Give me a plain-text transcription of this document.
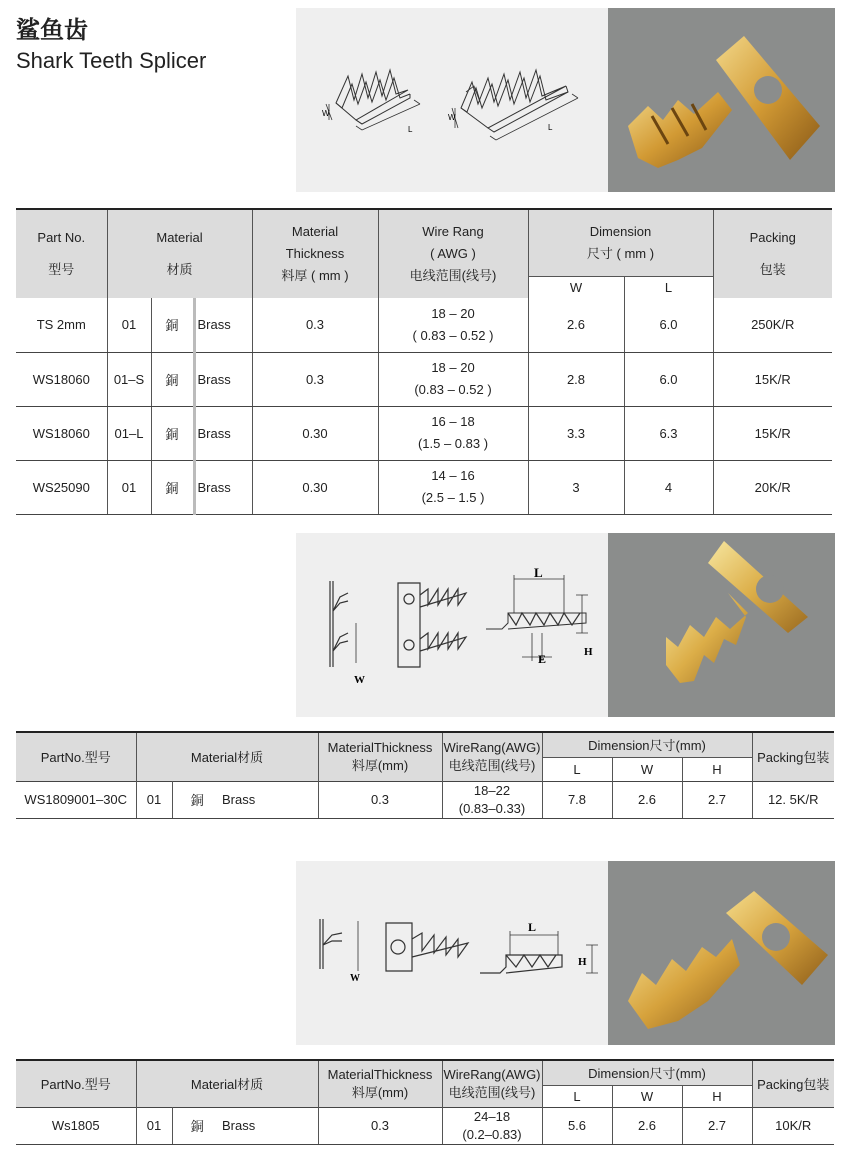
鲨鱼齿
Shark Teeth Splicer
W
L
W
L
Part No.
型号	Material
材质			Material
Thickness
料厚 ( mm )	Wire Rang
( AWG )
电线范围(线号)	Dimension
尺寸 ( mm )		Packing
包装

						W	L	
TS 2mm	01	銅	Brass	0.3	18 – 20
( 0.83 – 0.52 )	2.6	6.0	250K/R
WS18060	01–S	銅	Brass	0.3	18 – 20
(0.83 – 0.52 )	2.8	6.0	15K/R
WS18060	01–L	銅	Brass	0.30	16 – 18
(1.5 – 0.83 )	3.3	6.3	15K/R
WS25090	01	銅	Brass	0.30	14 – 16
(2.5 – 1.5 )	3	4	20K/R
L
H
E
W
PartNo.型号	Material材质			MaterialThickness
料厚(mm)	WireRang(AWG)
电线范围(线号)	Dimension尺寸(mm)			Packing包装
						L	W	H	
WS1809001–30C	01	銅	Brass	0.3	18–22
(0.83–0.33)	7.8	2.6	2.7	12. 5K/R
L
H
W
PartNo.型号	Material材质			MaterialThickness
料厚(mm)	WireRang(AWG)
电线范围(线号)	Dimension尺寸(mm)			Packing包装
						L	W	H	
Ws1805	01	銅	Brass	0.3	24–18
(0.2–0.83)	5.6	2.6	2.7	10K/R
